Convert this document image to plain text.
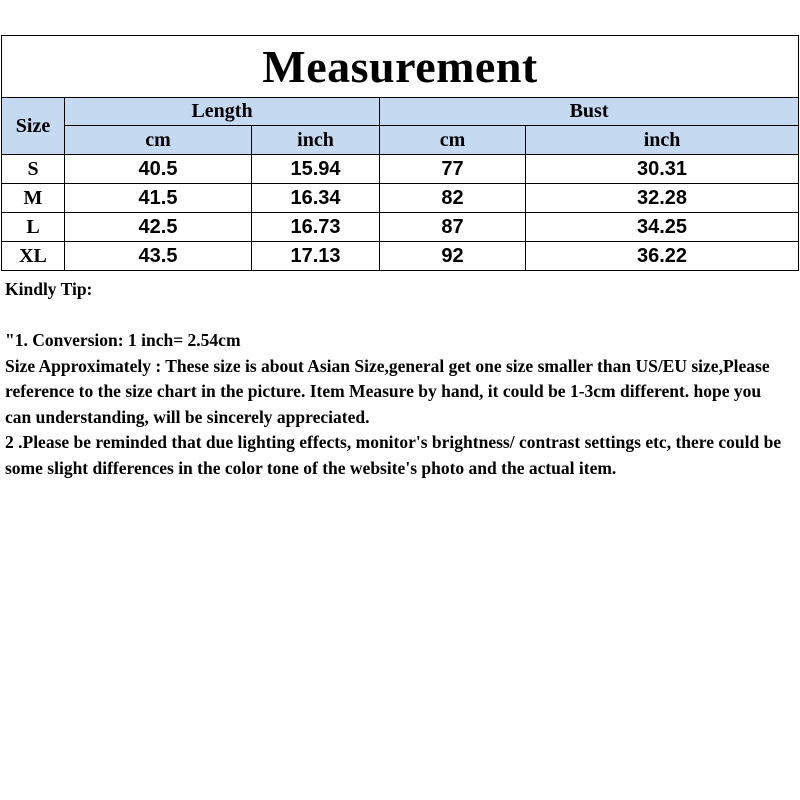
Measurement				
Size	Length		Bust	
	cm	inch	cm	inch
S	40.5	15.94	77	30.31
M	41.5	16.34	82	32.28
L	42.5	16.73	87	34.25
XL	43.5	17.13	92	36.22

Kindly Tip:

"1. Conversion: 1 inch= 2.54cm

Size Approximately : These size is about Asian Size,general get one size smaller than US/EU size,Please reference to the size chart in the picture. Item Measure by hand, it could be 1-3cm different. hope you can understanding, will be sincerely appreciated.

2 .Please be reminded that due lighting effects, monitor's brightness/ contrast settings etc, there could be some slight differences in the color tone of the website's photo and the actual item.
